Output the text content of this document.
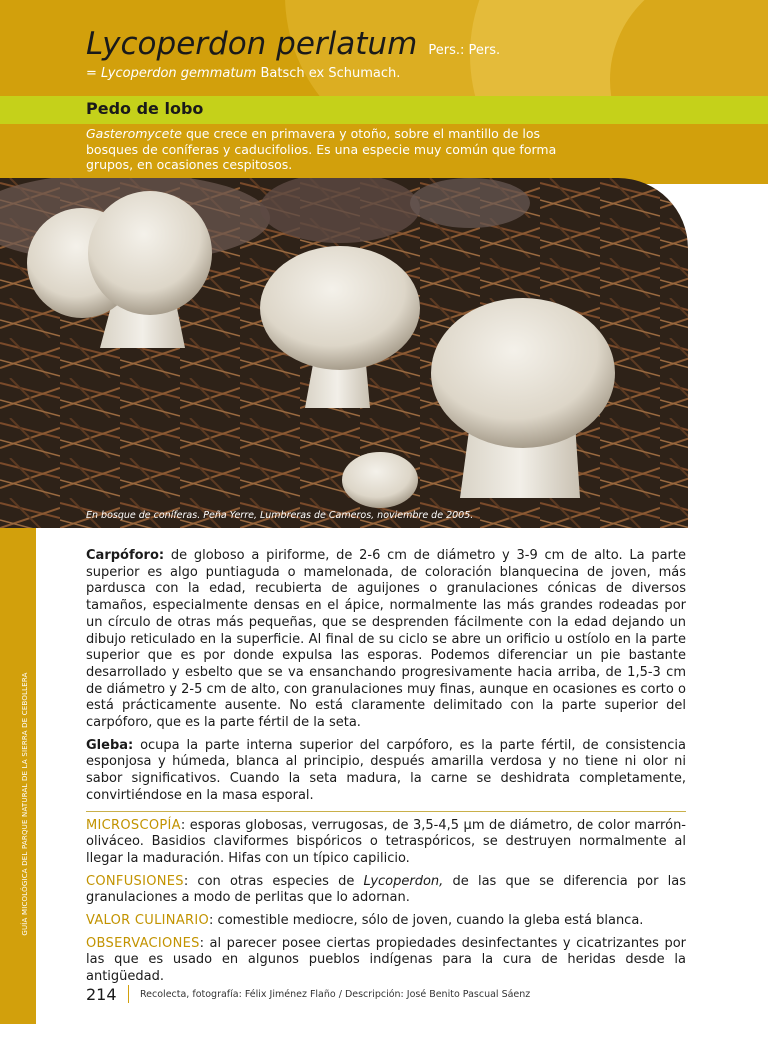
Lycoperdon perlatum Pers.: Pers.
= Lycoperdon gemmatum Batsch ex Schumach.
Pedo de lobo
Gasteromycete que crece en primavera y otoño, sobre el mantillo de los bosques de coníferas y caducifolios. Es una especie muy común que forma grupos, en ocasiones cespitosos.
En bosque de coníferas. Peña Yerre, Lumbreras de Cameros, noviembre de 2005.
GUÍA MICOLÓGICA DEL PARQUE NATURAL DE LA SIERRA DE CEBOLLERA

Carpóforo: de globoso a piriforme, de 2-6 cm de diámetro y 3-9 cm de alto. La parte superior es algo puntiaguda o mamelonada, de coloración blanquecina de joven, más pardusca con la edad, recubierta de aguijones o granulaciones cónicas de diversos tamaños, especialmente densas en el ápice, normalmente las más grandes rodeadas por un círculo de otras más pequeñas, que se desprenden fácilmente con la edad dejando un dibujo reticulado en la superficie. Al final de su ciclo se abre un orificio u ostíolo en la parte superior que es por donde expulsa las esporas. Podemos diferenciar un pie bastante desarrollado y esbelto que se va ensanchando progresivamente hacia arriba, de 1,5-3 cm de diámetro y 2-5 cm de alto, con granulaciones muy finas, aunque en ocasiones es corto o está prácticamente ausente. No está claramente delimitado con la parte superior del carpóforo, que es la parte fértil de la seta.

Gleba: ocupa la parte interna superior del carpóforo, es la parte fértil, de consistencia esponjosa y húmeda, blanca al principio, después amarilla verdosa y no tiene ni olor ni sabor significativos. Cuando la seta madura, la carne se deshidrata completamente, convirtiéndose en la masa esporal.

MICROSCOPÍA: esporas globosas, verrugosas, de 3,5-4,5 µm de diámetro, de color marrón-oliváceo. Basidios claviformes bispóricos o tetraspóricos, se destruyen normalmente al llegar la maduración. Hifas con un típico capilicio.

CONFUSIONES: con otras especies de Lycoperdon, de las que se diferencia por las granulaciones a modo de perlitas que lo adornan.

VALOR CULINARIO: comestible mediocre, sólo de joven, cuando la gleba está blanca.

OBSERVACIONES: al parecer posee ciertas propiedades desinfectantes y cicatrizantes por las que es usado en algunos pueblos indígenas para la cura de heridas desde la antigüedad.

214 Recolecta, fotografía: Félix Jiménez Flaño / Descripción: José Benito Pascual Sáenz
